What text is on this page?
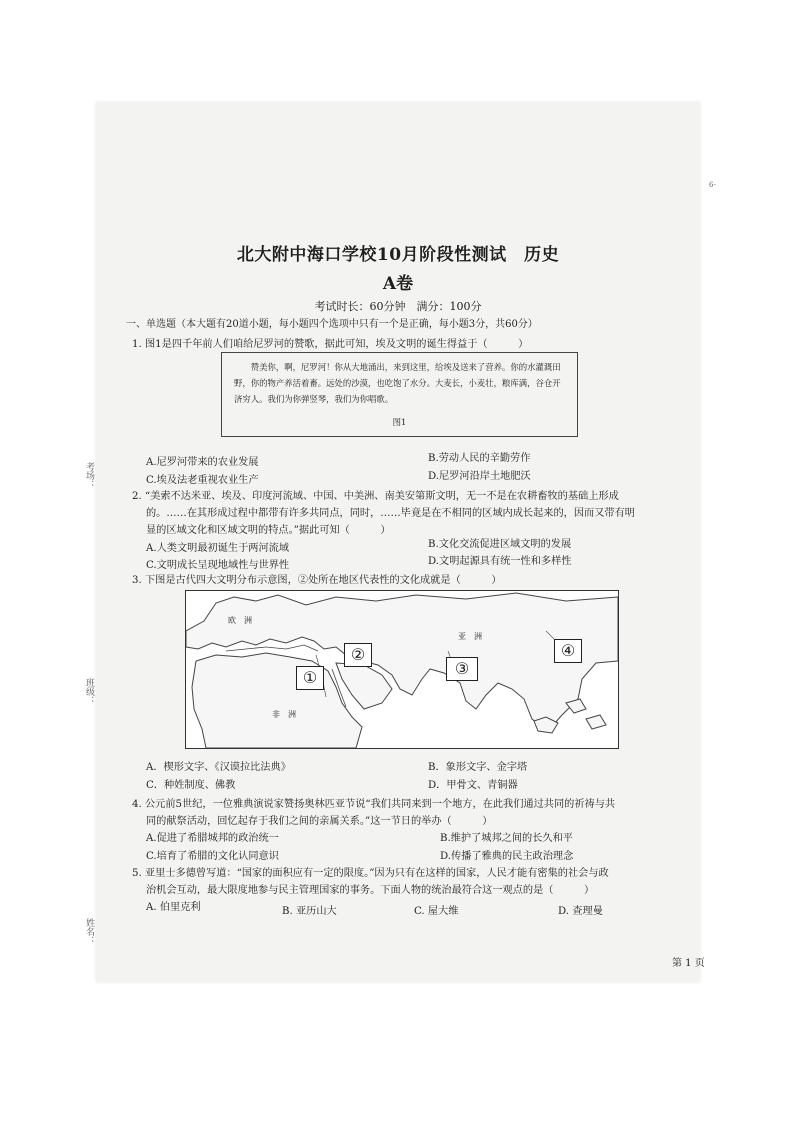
考场：
班级：
姓名：
6-
北大附中海口学校10月阶段性测试　历史
A卷
考试时长：60分钟　满分：100分
一、单选题（本大题有20道小题，每小题四个选项中只有一个是正确，每小题3分，共60分）
1. 图1是四千年前人们咱给尼罗河的赞歌，据此可知，埃及文明的诞生得益于（　　　）
赞美你，啊，尼罗河！你从大地涌出，来到这里，给埃及送来了营养。你的水灌溉田野，你的物产养活着畜。远处的沙漠，也吃饱了水分。大麦长，小麦壮，粮库满，谷仓开济穷人。我们为你弹竖琴，我们为你唱歌。
图1
A.尼罗河带来的农业发展	B.劳动人民的辛勤劳作
C.埃及法老重视农业生产	D.尼罗河沿岸土地肥沃
2. “美索不达米亚、埃及、印度河流域、中国、中美洲、南美安第斯文明，无一不是在农耕畜牧的基础上形成
的。……在其形成过程中都带有许多共同点，同时，……毕竟是在不相同的区域内成长起来的，因而又带有明
显的区域文化和区域文明的特点。”据此可知（　　　）
A.人类文明最初诞生于两河流域	B.文化交流促进区域文明的发展
C.文明成长呈现地域性与世界性	D.文明起源具有统一性和多样性
3. 下图是古代四大文明分布示意图，②处所在地区代表性的文化成就是（　　　）
欧　洲
亚　洲
非　洲
①
②
③
④
A．楔形文字、《汉谟拉比法典》	B．象形文字、金字塔
C．种姓制度、佛教	D．甲骨文、青铜器
4. 公元前5世纪，一位雅典演说家赞扬奥林匹亚节说“我们共同来到一个地方，在此我们通过共同的祈祷与共
同的献祭活动，回忆起存于我们之间的亲属关系。”这一节日的举办（　　　）
A.促进了希腊城邦的政治统一	B.维护了城邦之间的长久和平
C.培育了希腊的文化认同意识	D.传播了雅典的民主政治理念
5. 亚里士多德曾写道：“国家的面积应有一定的限度。”因为只有在这样的国家，人民才能有密集的社会与政
治机会互动，最大限度地参与民主管理国家的事务。下面人物的统治最符合这一观点的是（　　　）
A. 伯里克利	B. 亚历山大	C. 屋大维	D. 查理曼
第 1 页
